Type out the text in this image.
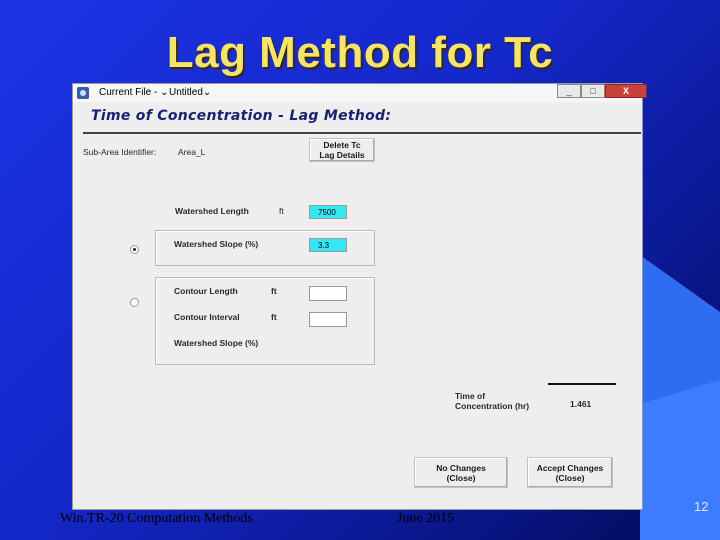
Lag Method for Tc
Current File - ⌄ Untitled⌄	_	□	X
Time of Concentration - Lag Method:
Sub-Area Identifier:	Area_L
Delete Tc
Lag Details
Watershed Length	ft	7500
Watershed Slope (%)	3.3
Contour Length	ft
Contour Interval	ft
Watershed Slope (%)
Time of
Concentration (hr)	1.461
No Changes
(Close)
Accept Changes
(Close)
Win.TR-20 Computation Methods	June 2015
12
